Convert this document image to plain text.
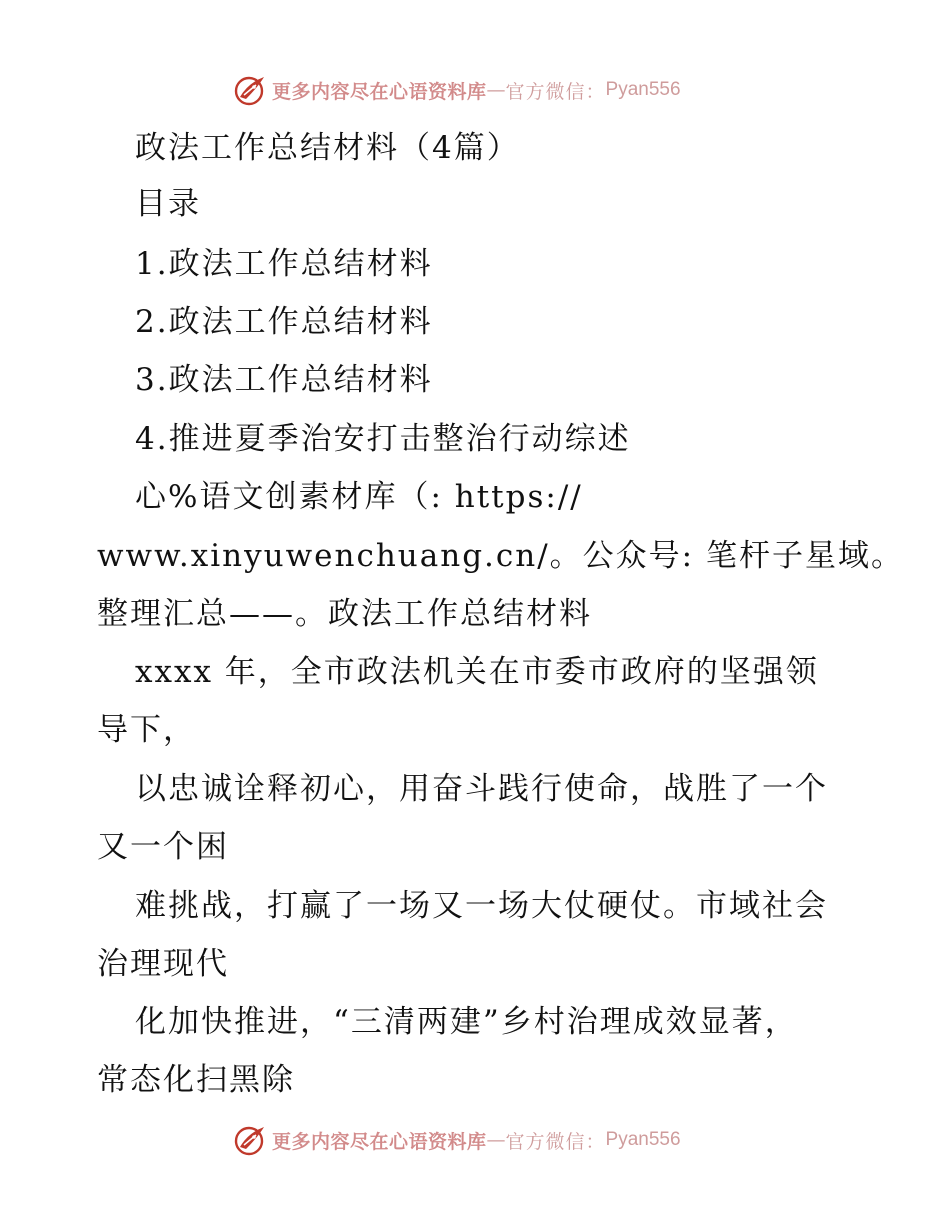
更多内容尽在心语资料库 — 官方微信： Pyan556
政法工作总结材料（4篇）
目录
1.政法工作总结材料
2.政法工作总结材料
3.政法工作总结材料
4.推进夏季治安打击整治行动综述
心%语文创素材库（: https://
www.xinyuwenchuang.cn/。公众号: 笔杆子星域。
整理汇总——。政法工作总结材料
xxxx 年，全市政法机关在市委市政府的坚强领
导下，
以忠诚诠释初心，用奋斗践行使命，战胜了一个
又一个困
难挑战，打赢了一场又一场大仗硬仗。市域社会
治理现代
化加快推进，“三清两建”乡村治理成效显著，
常态化扫黑除
更多内容尽在心语资料库 — 官方微信： Pyan556
